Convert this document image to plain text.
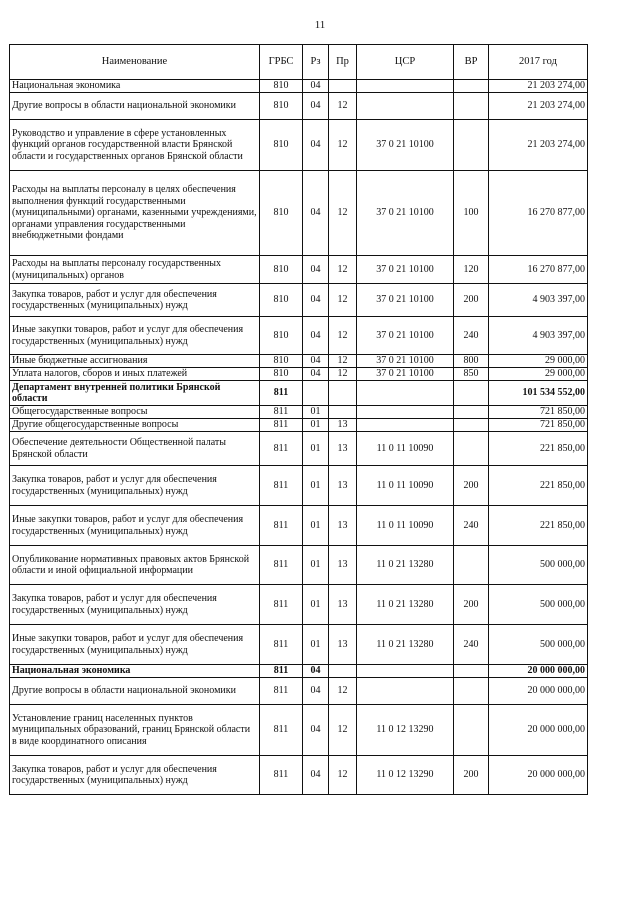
11
Наименование	ГРБС	Рз	Пр	ЦСР	ВР	2017 год
Национальная экономика	810	04				21 203 274,00
Другие вопросы в области национальной экономики	810	04	12			21 203 274,00
Руководство и управление в сфере установленных функций органов государственной власти Брянской области и государственных органов Брянской области	810	04	12	37 0 21 10100		21 203 274,00
Расходы на выплаты персоналу в целях обеспечения выполнения функций государственными (муниципальными) органами, казенными учреждениями, органами управления государственными внебюджетными фондами	810	04	12	37 0 21 10100	100	16 270 877,00
Расходы на выплаты персоналу государственных (муниципальных) органов	810	04	12	37 0 21 10100	120	16 270 877,00
Закупка товаров, работ и услуг для обеспечения государственных (муниципальных) нужд	810	04	12	37 0 21 10100	200	4 903 397,00
Иные закупки товаров, работ и услуг для обеспечения государственных (муниципальных) нужд	810	04	12	37 0 21 10100	240	4 903 397,00
Иные бюджетные ассигнования	810	04	12	37 0 21 10100	800	29 000,00
Уплата налогов, сборов и иных платежей	810	04	12	37 0 21 10100	850	29 000,00
Департамент внутренней политики Брянской области	811					101 534 552,00
Общегосударственные вопросы	811	01				721 850,00
Другие общегосударственные вопросы	811	01	13			721 850,00
Обеспечение деятельности Общественной палаты Брянской области	811	01	13	11 0 11 10090		221 850,00
Закупка товаров, работ и услуг для обеспечения государственных (муниципальных) нужд	811	01	13	11 0 11 10090	200	221 850,00
Иные закупки товаров, работ и услуг для обеспечения государственных (муниципальных) нужд	811	01	13	11 0 11 10090	240	221 850,00
Опубликование нормативных правовых актов Брянской области и иной официальной информации	811	01	13	11 0 21 13280		500 000,00
Закупка товаров, работ и услуг для обеспечения государственных (муниципальных) нужд	811	01	13	11 0 21 13280	200	500 000,00
Иные закупки товаров, работ и услуг для обеспечения государственных (муниципальных) нужд	811	01	13	11 0 21 13280	240	500 000,00
Национальная экономика	811	04				20 000 000,00
Другие вопросы в области национальной экономики	811	04	12			20 000 000,00
Установление границ населенных пунктов муниципальных образований, границ Брянской области в виде координатного описания	811	04	12	11 0 12 13290		20 000 000,00
Закупка товаров, работ и услуг для обеспечения государственных (муниципальных) нужд	811	04	12	11 0 12 13290	200	20 000 000,00
